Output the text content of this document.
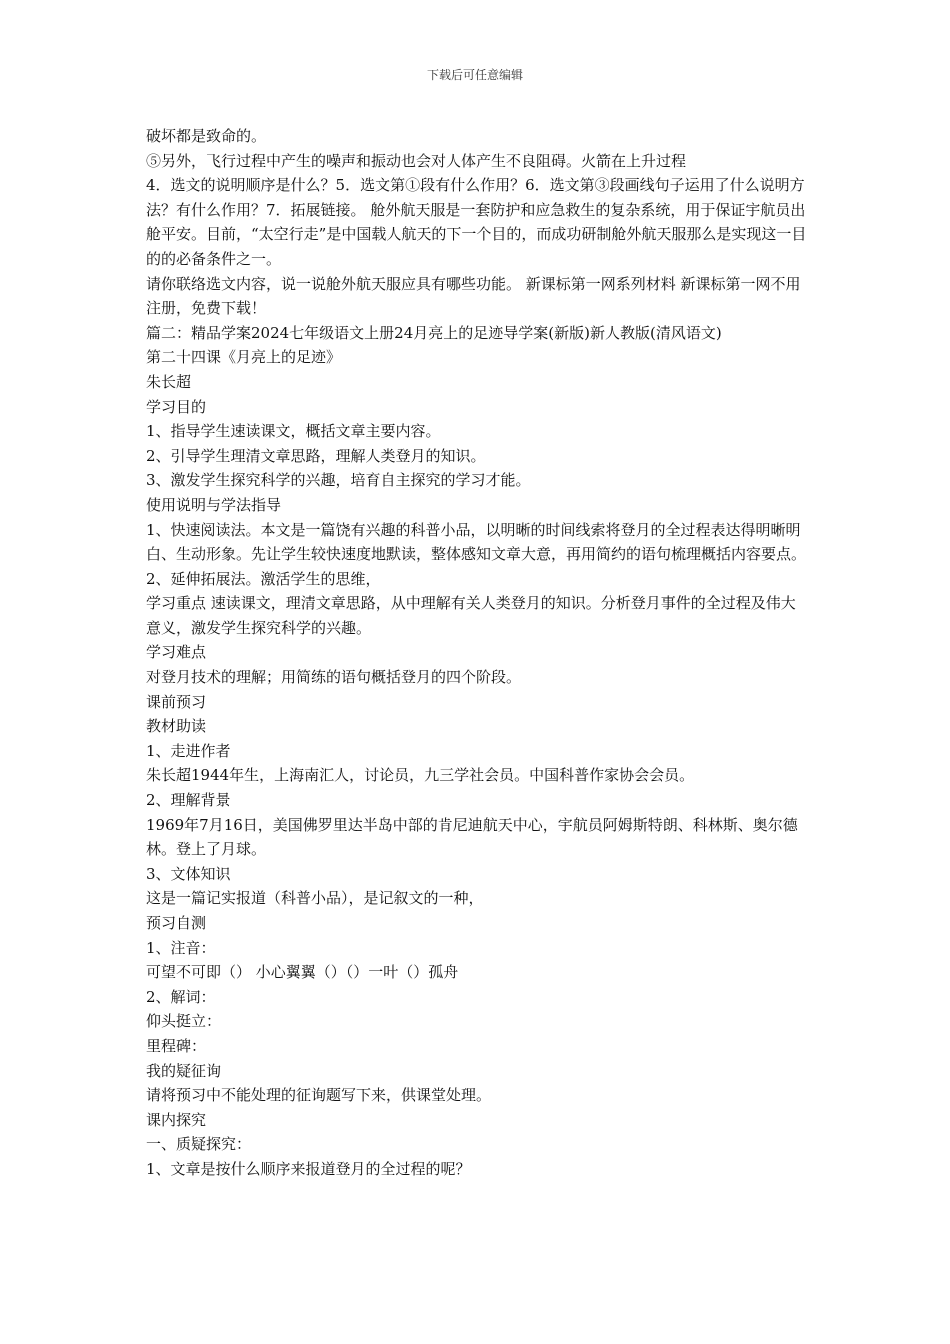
下载后可任意编辑

破坏都是致命的。

⑤另外，飞行过程中产生的噪声和振动也会对人体产生不良阻碍。火箭在上升过程

4．选文的说明顺序是什么？5．选文第①段有什么作用？6．选文第③段画线句子运用了什么说明方法？有什么作用？7．拓展链接。 舱外航天服是一套防护和应急救生的复杂系统，用于保证宇航员出舱平安。目前，“太空行走”是中国载人航天的下一个目的，而成功研制舱外航天服那么是实现这一目的的必备条件之一。

请你联络选文内容，说一说舱外航天服应具有哪些功能。 新课标第一网系列材料 新课标第一网不用注册，免费下载！

篇二：精品学案2024七年级语文上册24月亮上的足迹导学案(新版)新人教版(清风语文)

第二十四课《月亮上的足迹》

朱长超

学习目的

1、指导学生速读课文，概括文章主要内容。

2、引导学生理清文章思路，理解人类登月的知识。

3、激发学生探究科学的兴趣，培育自主探究的学习才能。

使用说明与学法指导

1、快速阅读法。本文是一篇饶有兴趣的科普小品，以明晰的时间线索将登月的全过程表达得明晰明白、生动形象。先让学生较快速度地默读，整体感知文章大意，再用简约的语句梳理概括内容要点。

2、延伸拓展法。激活学生的思维，

学习重点 速读课文，理清文章思路，从中理解有关人类登月的知识。分析登月事件的全过程及伟大意义，激发学生探究科学的兴趣。

学习难点

对登月技术的理解；用简练的语句概括登月的四个阶段。

课前预习

教材助读

1、走进作者

朱长超1944年生，上海南汇人，讨论员，九三学社会员。中国科普作家协会会员。

2、理解背景

1969年7月16日，美国佛罗里达半岛中部的肯尼迪航天中心，宇航员阿姆斯特朗、科林斯、奥尔德林。登上了月球。

3、文体知识

这是一篇记实报道（科普小品），是记叙文的一种，

预习自测

1、注音：

可望不可即（） 小心翼翼（）（）一叶（）孤舟

2、解词：

仰头挺立：

里程碑：

我的疑征询

请将预习中不能处理的征询题写下来，供课堂处理。

课内探究

一、质疑探究：

1、文章是按什么顺序来报道登月的全过程的呢？
